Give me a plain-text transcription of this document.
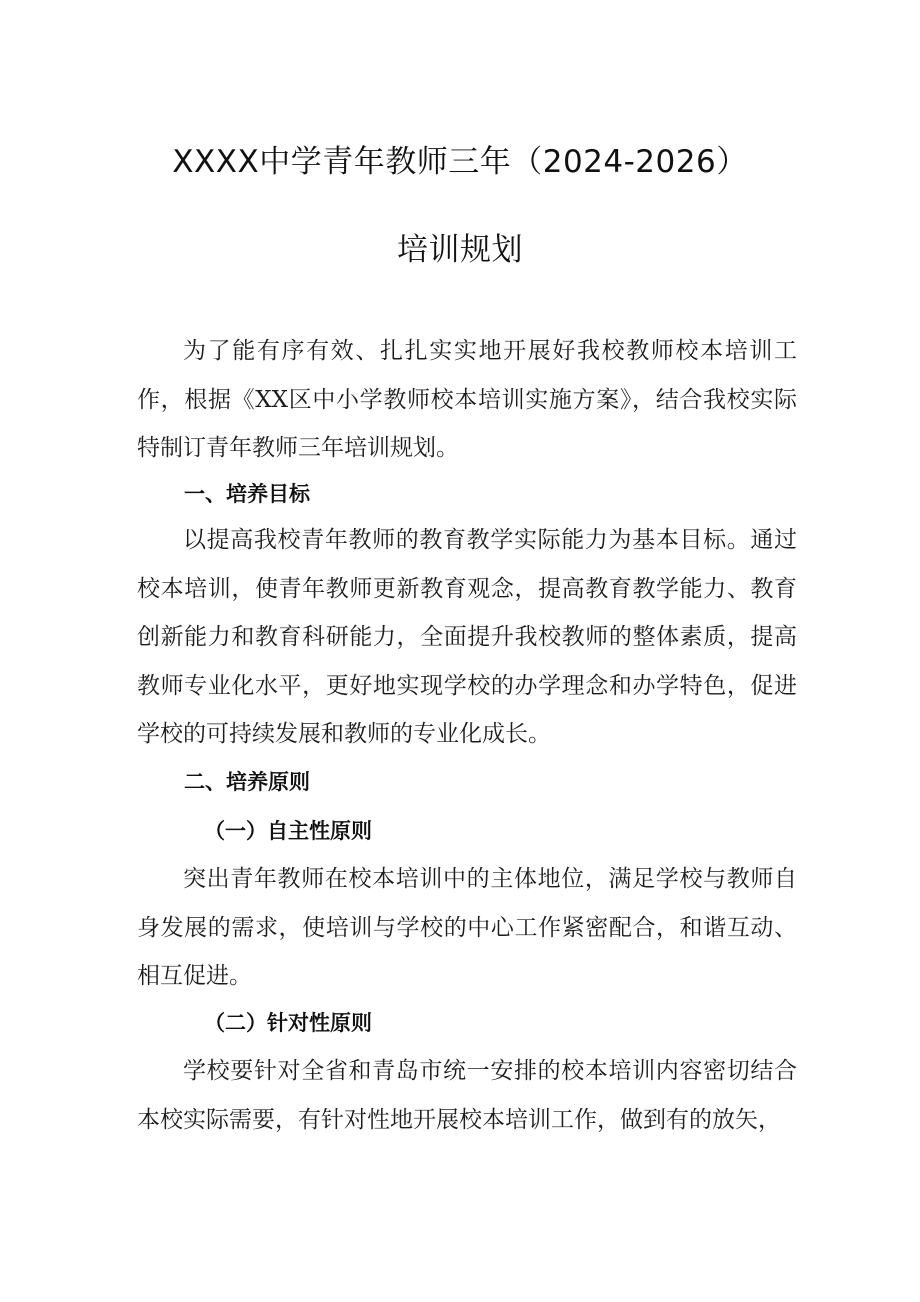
XXXX中学青年教师三年（2024-2026）
培训规划

为了能有序有效、扎扎实实地开展好我校教师校本培训工作，根据《XX区中小学教师校本培训实施方案》，结合我校实际特制订青年教师三年培训规划。

一、培养目标

以提高我校青年教师的教育教学实际能力为基本目标。通过校本培训，使青年教师更新教育观念，提高教育教学能力、教育创新能力和教育科研能力，全面提升我校教师的整体素质，提高教师专业化水平，更好地实现学校的办学理念和办学特色，促进学校的可持续发展和教师的专业化成长。

二、培养原则

（一）自主性原则

突出青年教师在校本培训中的主体地位，满足学校与教师自身发展的需求，使培训与学校的中心工作紧密配合，和谐互动、相互促进。

（二）针对性原则

学校要针对全省和青岛市统一安排的校本培训内容密切结合本校实际需要，有针对性地开展校本培训工作，做到有的放矢，
